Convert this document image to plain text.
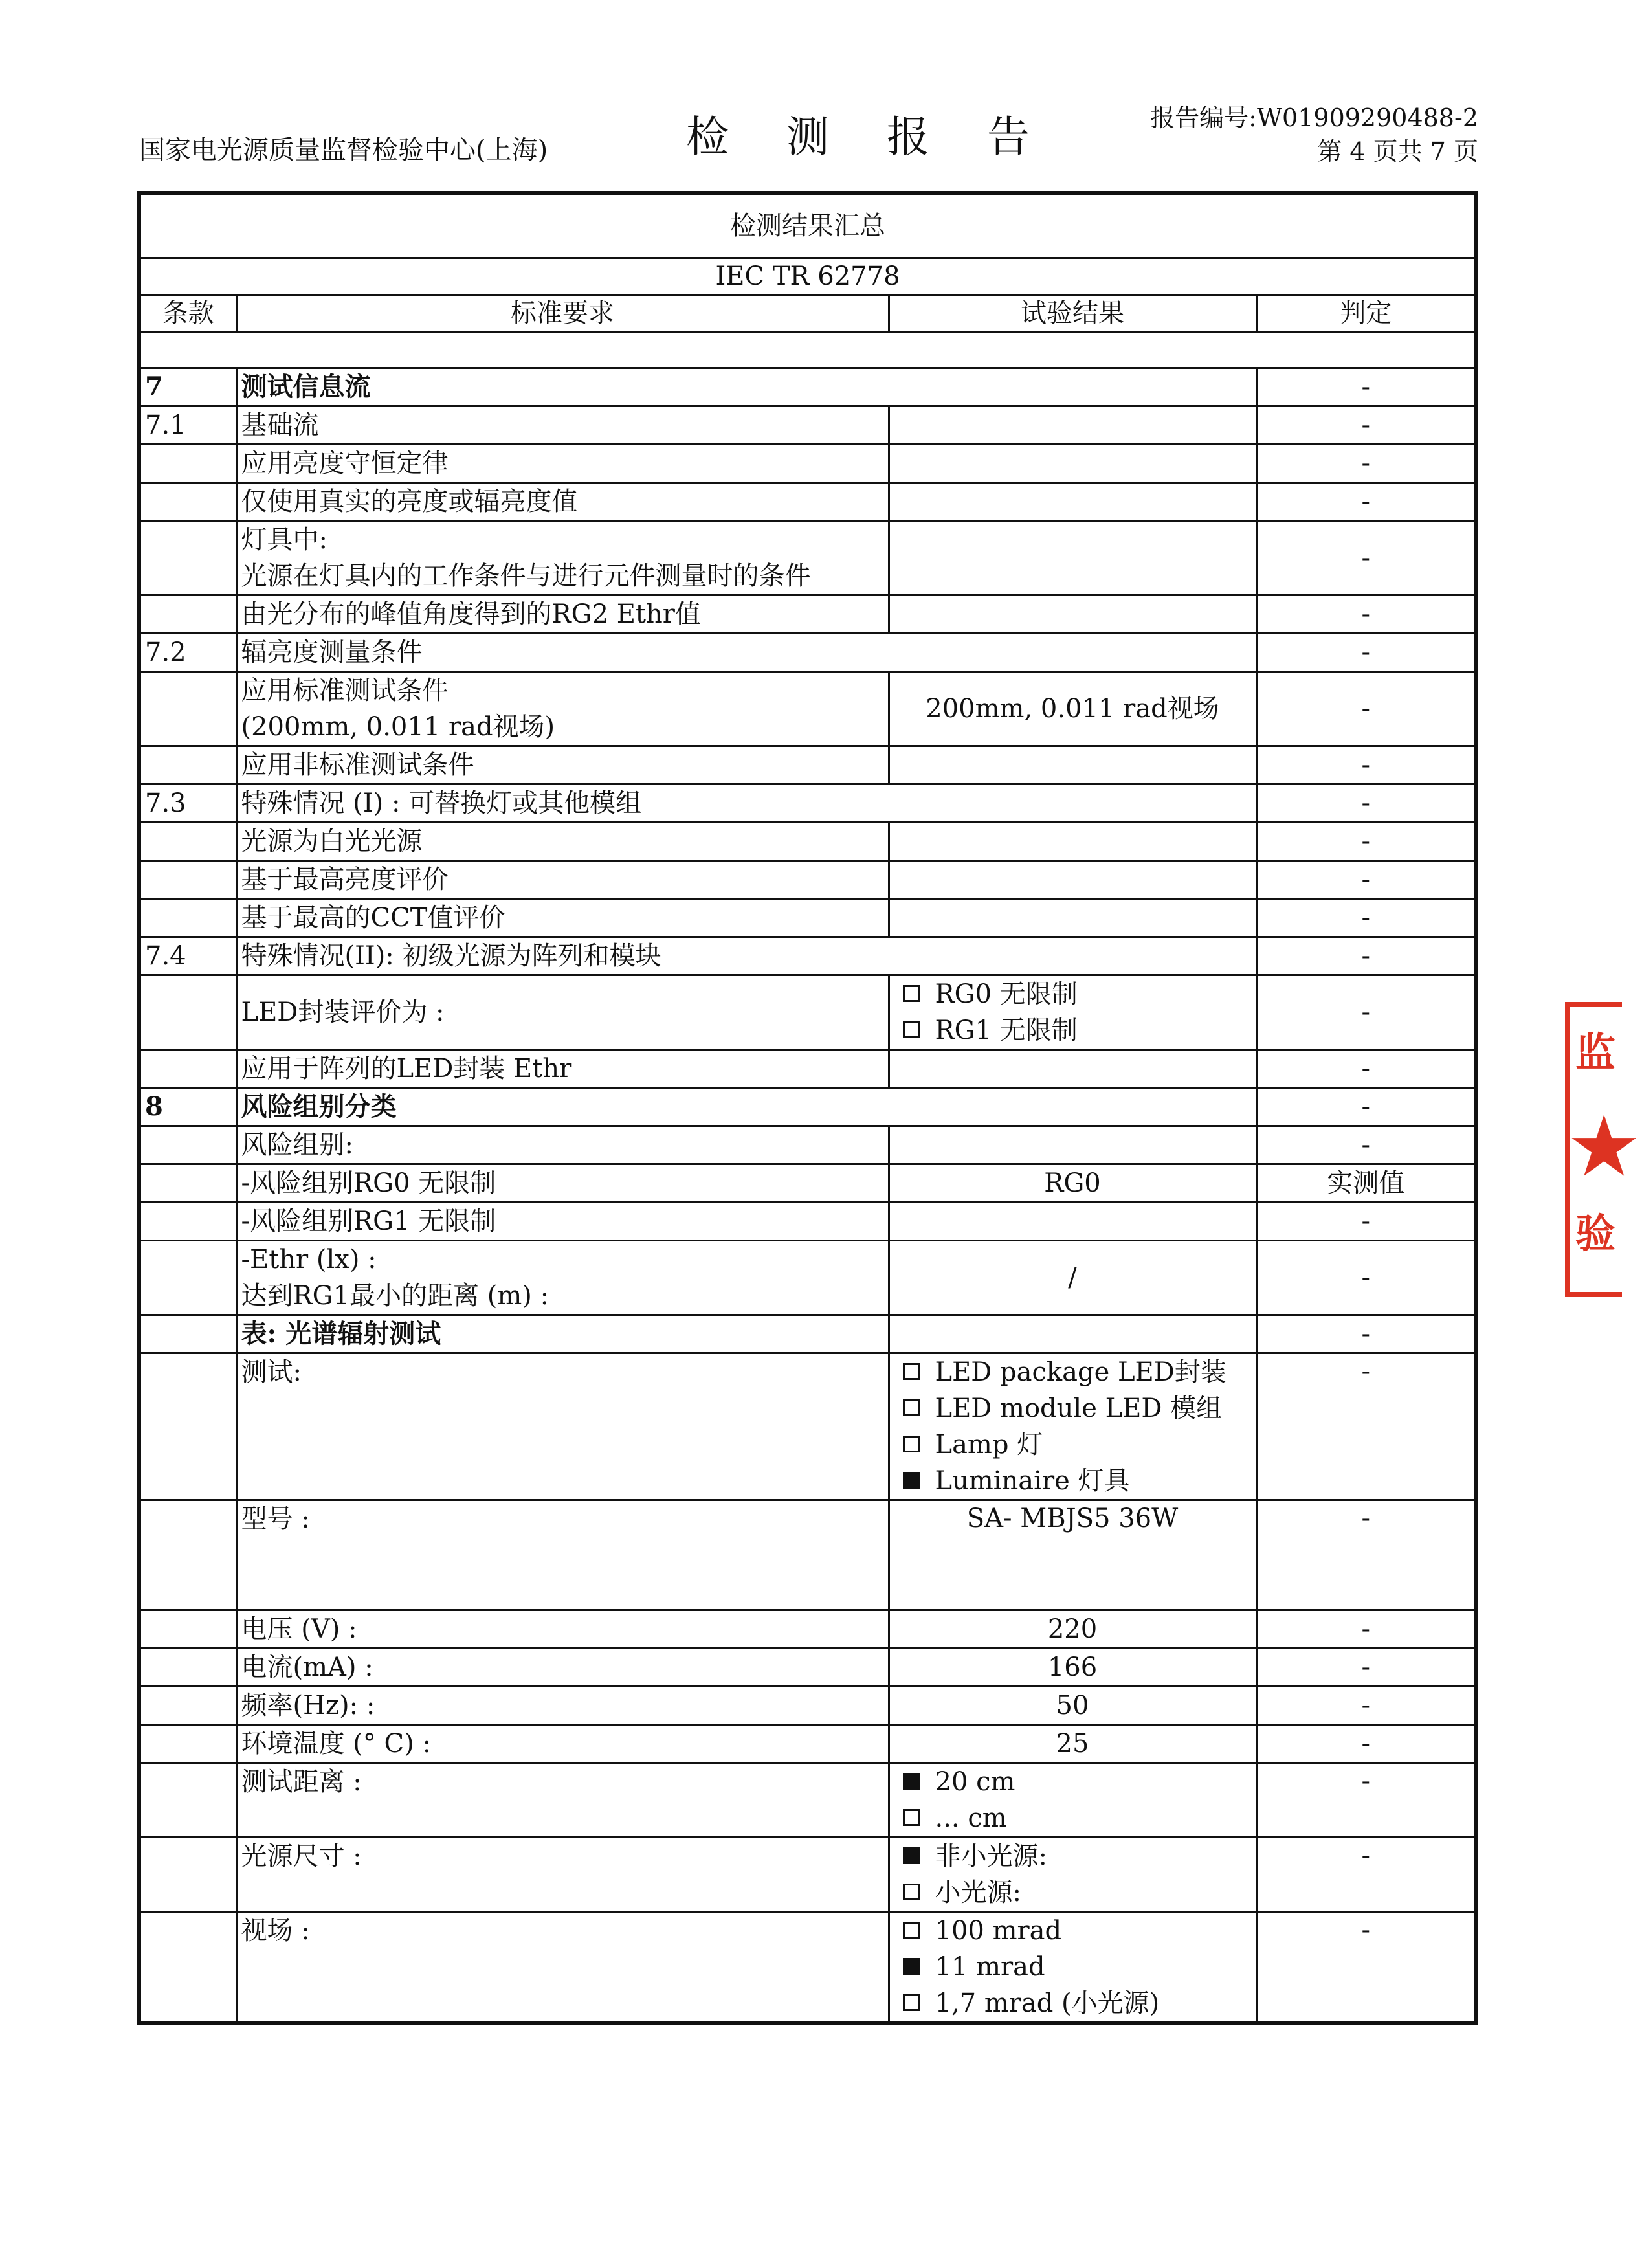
国家电光源质量监督检验中心(上海)	检 测 报 告	报告编号:W01909290488-2
第 4 页共 7 页
检测结果汇总			
IEC TR 62778			
条款	标准要求	试验结果	判定

7	测试信息流		-
7.1	基础流		-
	应用亮度守恒定律		-
	仅使用真实的亮度或辐亮度值		-
	灯具中:
光源在灯具内的工作条件与进行元件测量时的条件		-
	由光分布的峰值角度得到的RG2 Ethr值		-
7.2	辐亮度测量条件		-
	应用标准测试条件
(200mm, 0.011 rad视场)	200mm, 0.011 rad视场	-
	应用非标准测试条件		-
7.3	特殊情况 (I) : 可替换灯或其他模组		-
	光源为白光光源		-
	基于最高亮度评价		-
	基于最高的CCT值评价		-
7.4	特殊情况(II): 初级光源为阵列和模块		-
	LED封装评价为 :	RG0 无限制
RG1 无限制	-
	应用于阵列的LED封装 Ethr		-
8	风险组别分类		-
	风险组别:		-
	-风险组别RG0 无限制	RG0	实测值
	-风险组别RG1 无限制		-
	-Ethr (lx) :
达到RG1最小的距离 (m) :	/	-
	表: 光谱辐射测试		-
	测试:	LED package LED封装
LED module LED 模组
Lamp 灯
Luminaire 灯具	-
	型号 :	SA- MBJS5 36W	-
	电压 (V) :	220	-
	电流(mA) :	166	-
	频率(Hz): :	50	-
	环境温度 (° C) :	25	-
	测试距离 :	20 cm
... cm	-
	光源尺寸 :	非小光源:
小光源:	-
	视场 :	100 mrad
11 mrad
1,7 mrad (小光源)	-
监
★
验
